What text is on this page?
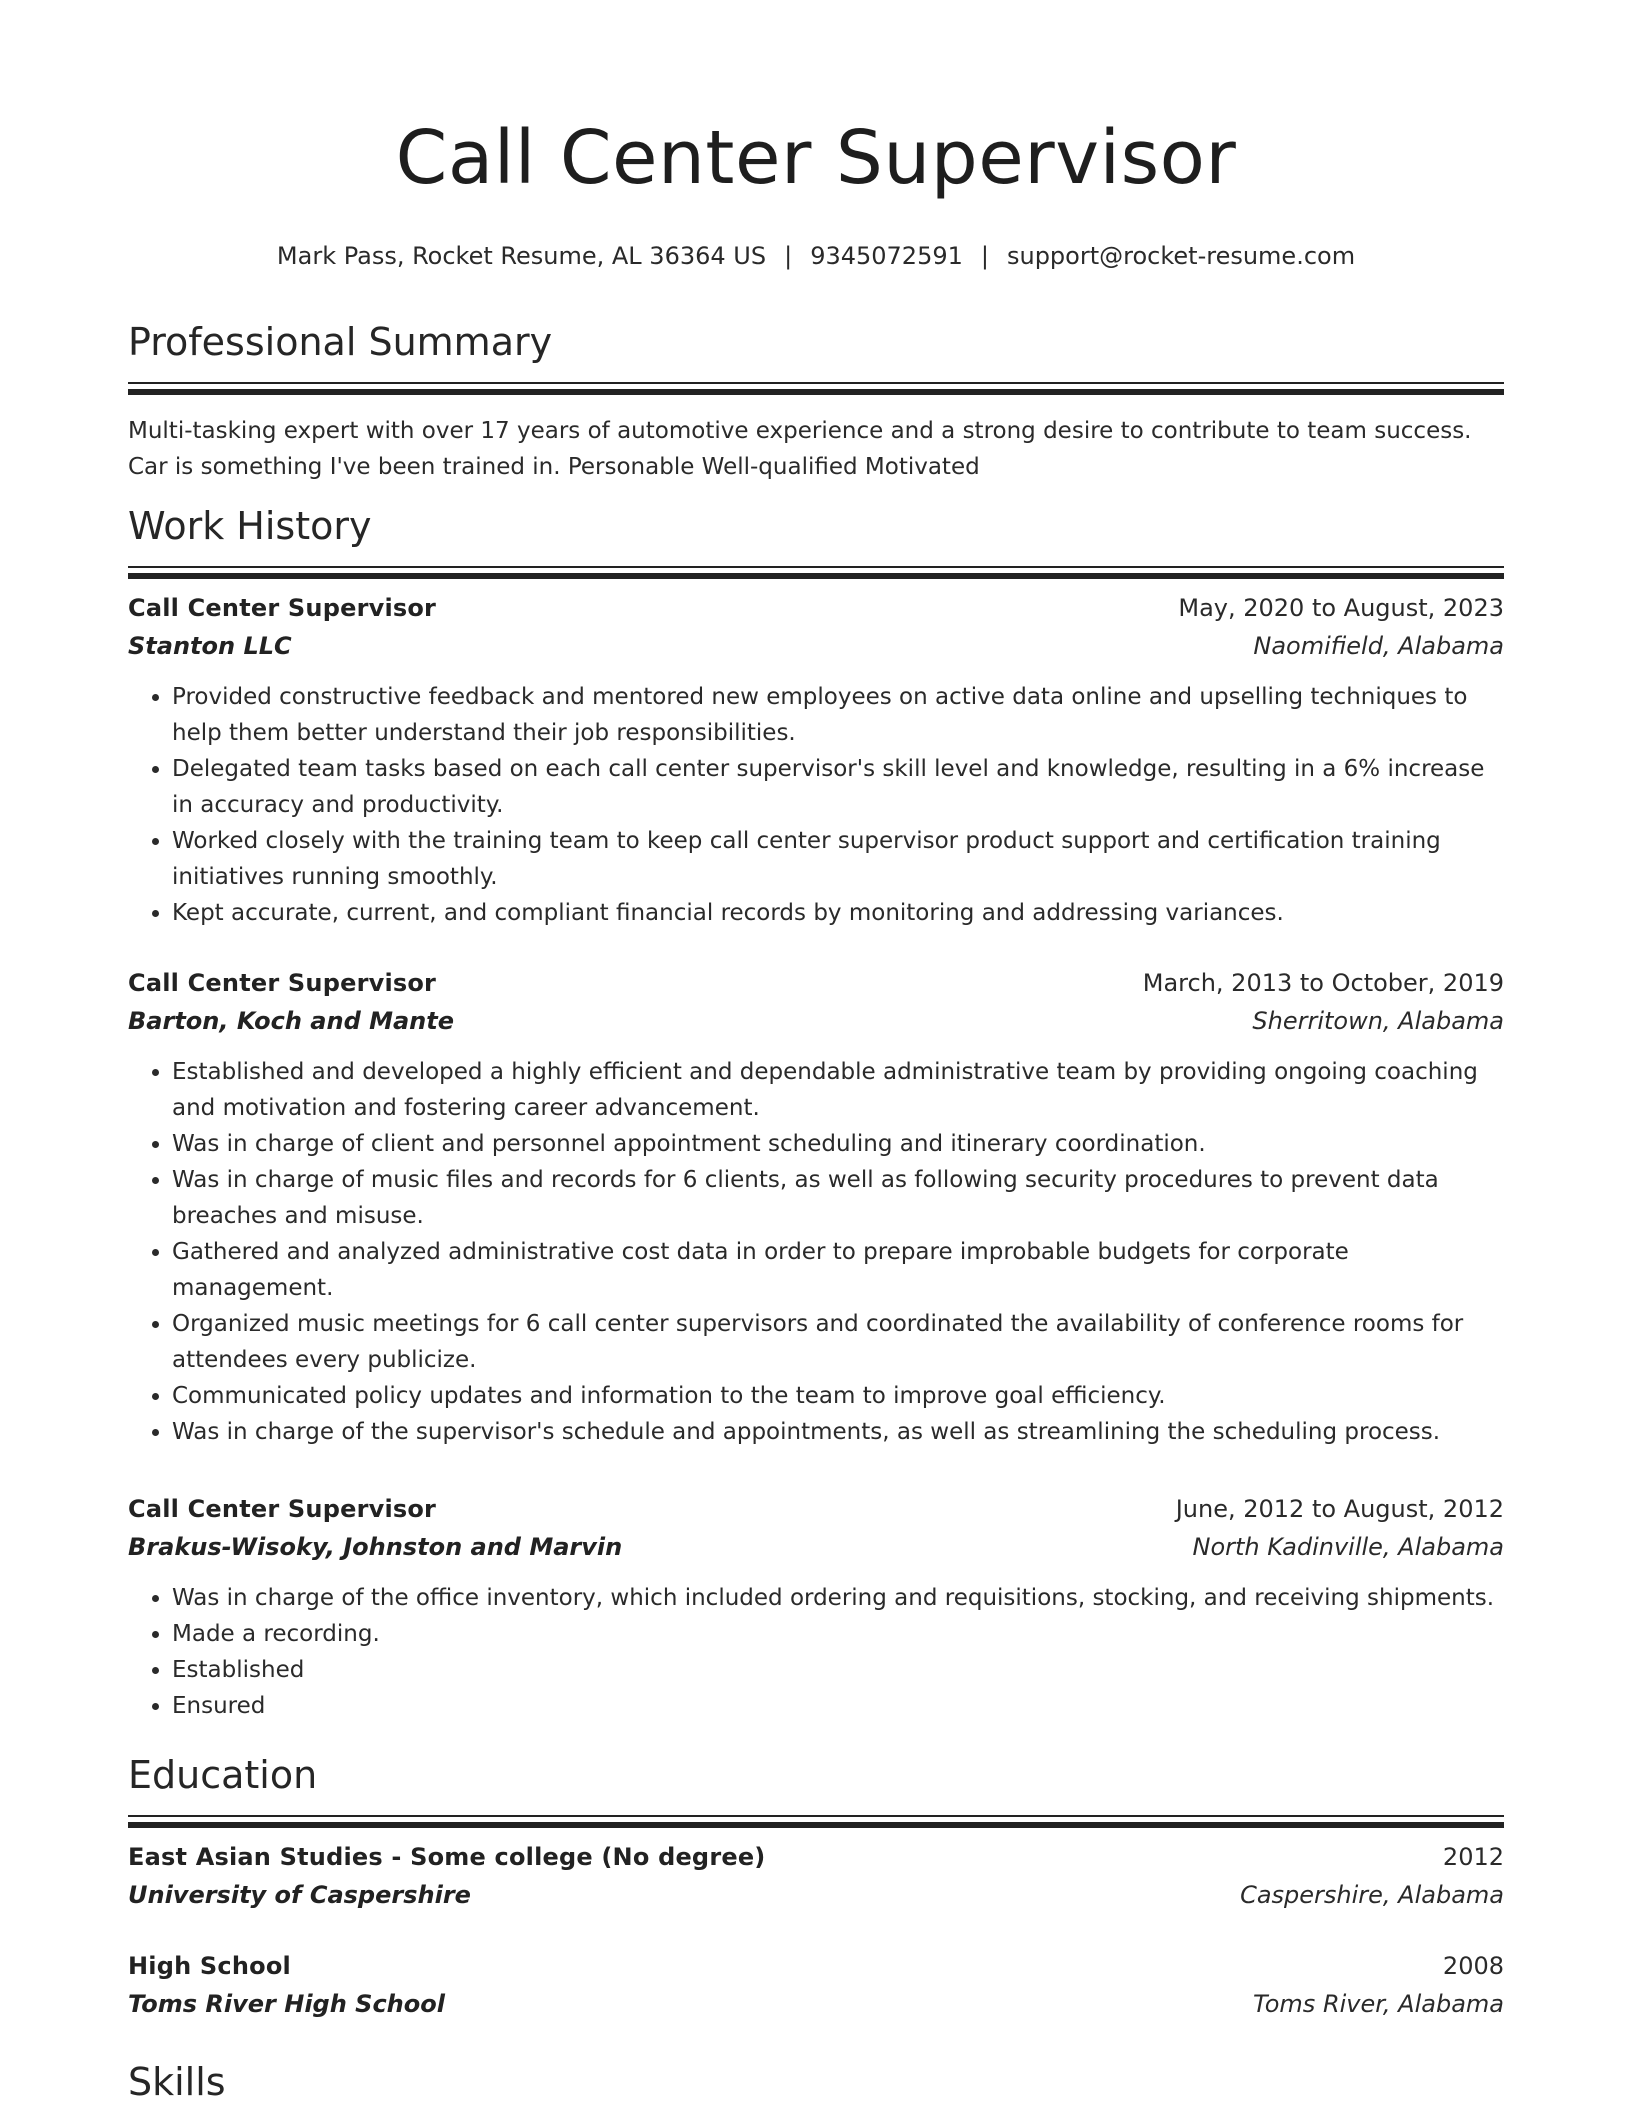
Call Center Supervisor
Mark Pass, Rocket Resume, AL 36364 US | 9345072591 | support@rocket-resume.com
Professional Summary
Multi-tasking expert with over 17 years of automotive experience and a strong desire to contribute to team success. Car is something I've been trained in. Personable Well-qualified Motivated
Work History
Call Center Supervisor	May, 2020 to August, 2023
Stanton LLC	Naomifield, Alabama
• Provided constructive feedback and mentored new employees on active data online and upselling techniques to help them better understand their job responsibilities.
• Delegated team tasks based on each call center supervisor's skill level and knowledge, resulting in a 6% increase in accuracy and productivity.
• Worked closely with the training team to keep call center supervisor product support and certification training initiatives running smoothly.
• Kept accurate, current, and compliant financial records by monitoring and addressing variances.
Call Center Supervisor	March, 2013 to October, 2019
Barton, Koch and Mante	Sherritown, Alabama
• Established and developed a highly efficient and dependable administrative team by providing ongoing coaching and motivation and fostering career advancement.
• Was in charge of client and personnel appointment scheduling and itinerary coordination.
• Was in charge of music files and records for 6 clients, as well as following security procedures to prevent data breaches and misuse.
• Gathered and analyzed administrative cost data in order to prepare improbable budgets for corporate management.
• Organized music meetings for 6 call center supervisors and coordinated the availability of conference rooms for attendees every publicize.
• Communicated policy updates and information to the team to improve goal efficiency.
• Was in charge of the supervisor's schedule and appointments, as well as streamlining the scheduling process.
Call Center Supervisor	June, 2012 to August, 2012
Brakus-Wisoky, Johnston and Marvin	North Kadinville, Alabama
• Was in charge of the office inventory, which included ordering and requisitions, stocking, and receiving shipments.
• Made a recording.
• Established
• Ensured
Education
East Asian Studies - Some college (No degree)	2012
University of Caspershire	Caspershire, Alabama
High School	2008
Toms River High School	Toms River, Alabama
Skills
